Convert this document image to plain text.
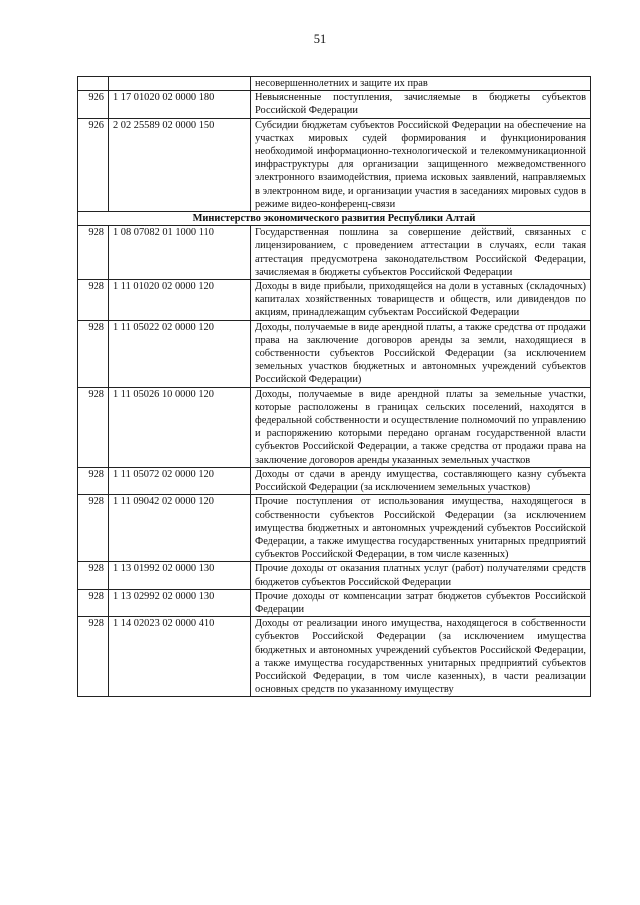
51
		несовершеннолетних и защите их прав
926	1 17 01020 02 0000 180	Невыясненные поступления, зачисляемые в бюджеты субъектов Российской Федерации
926	2 02 25589 02 0000 150	Субсидии бюджетам субъектов Российской Федерации на обеспечение на участках мировых судей формирования и функционирования необходимой информационно-технологической и телекоммуникационной инфраструктуры для организации защищенного межведомственного электронного взаимодействия, приема исковых заявлений, направляемых в электронном виде, и организации участия в заседаниях мировых судов в режиме видео-конференц-связи
Министерство экономического развития Республики Алтай		
928	1 08 07082 01 1000 110	Государственная пошлина за совершение действий, связанных с лицензированием, с проведением аттестации в случаях, если такая аттестация предусмотрена законодательством Российской Федерации, зачисляемая в бюджеты субъектов Российской Федерации
928	1 11 01020 02 0000 120	Доходы в виде прибыли, приходящейся на доли в уставных (складочных) капиталах хозяйственных товариществ и обществ, или дивидендов по акциям, принадлежащим субъектам Российской Федерации
928	1 11 05022 02 0000 120	Доходы, получаемые в виде арендной платы, а также средства от продажи права на заключение договоров аренды за земли, находящиеся в собственности субъектов Российской Федерации (за исключением земельных участков бюджетных и автономных учреждений субъектов Российской Федерации)
928	1 11 05026 10 0000 120	Доходы, получаемые в виде арендной платы за земельные участки, которые расположены в границах сельских поселений, находятся в федеральной собственности и осуществление полномочий по управлению и распоряжению которыми передано органам государственной власти субъектов Российской Федерации, а также средства от продажи права на заключение договоров аренды указанных земельных участков
928	1 11 05072 02 0000 120	Доходы от сдачи в аренду имущества, составляющего казну субъекта Российской Федерации (за исключением земельных участков)
928	1 11 09042 02 0000 120	Прочие поступления от использования имущества, находящегося в собственности субъектов Российской Федерации (за исключением имущества бюджетных и автономных учреждений субъектов Российской Федерации, а также имущества государственных унитарных предприятий субъектов Российской Федерации, в том числе казенных)
928	1 13 01992 02 0000 130	Прочие доходы от оказания платных услуг (работ) получателями средств бюджетов субъектов Российской Федерации
928	1 13 02992 02 0000 130	Прочие доходы от компенсации затрат бюджетов субъектов Российской Федерации
928	1 14 02023 02 0000 410	Доходы от реализации иного имущества, находящегося в собственности субъектов Российской Федерации (за исключением имущества бюджетных и автономных учреждений субъектов Российской Федерации, а также имущества государственных унитарных предприятий субъектов Российской Федерации, в том числе казенных), в части реализации основных средств по указанному имуществу
